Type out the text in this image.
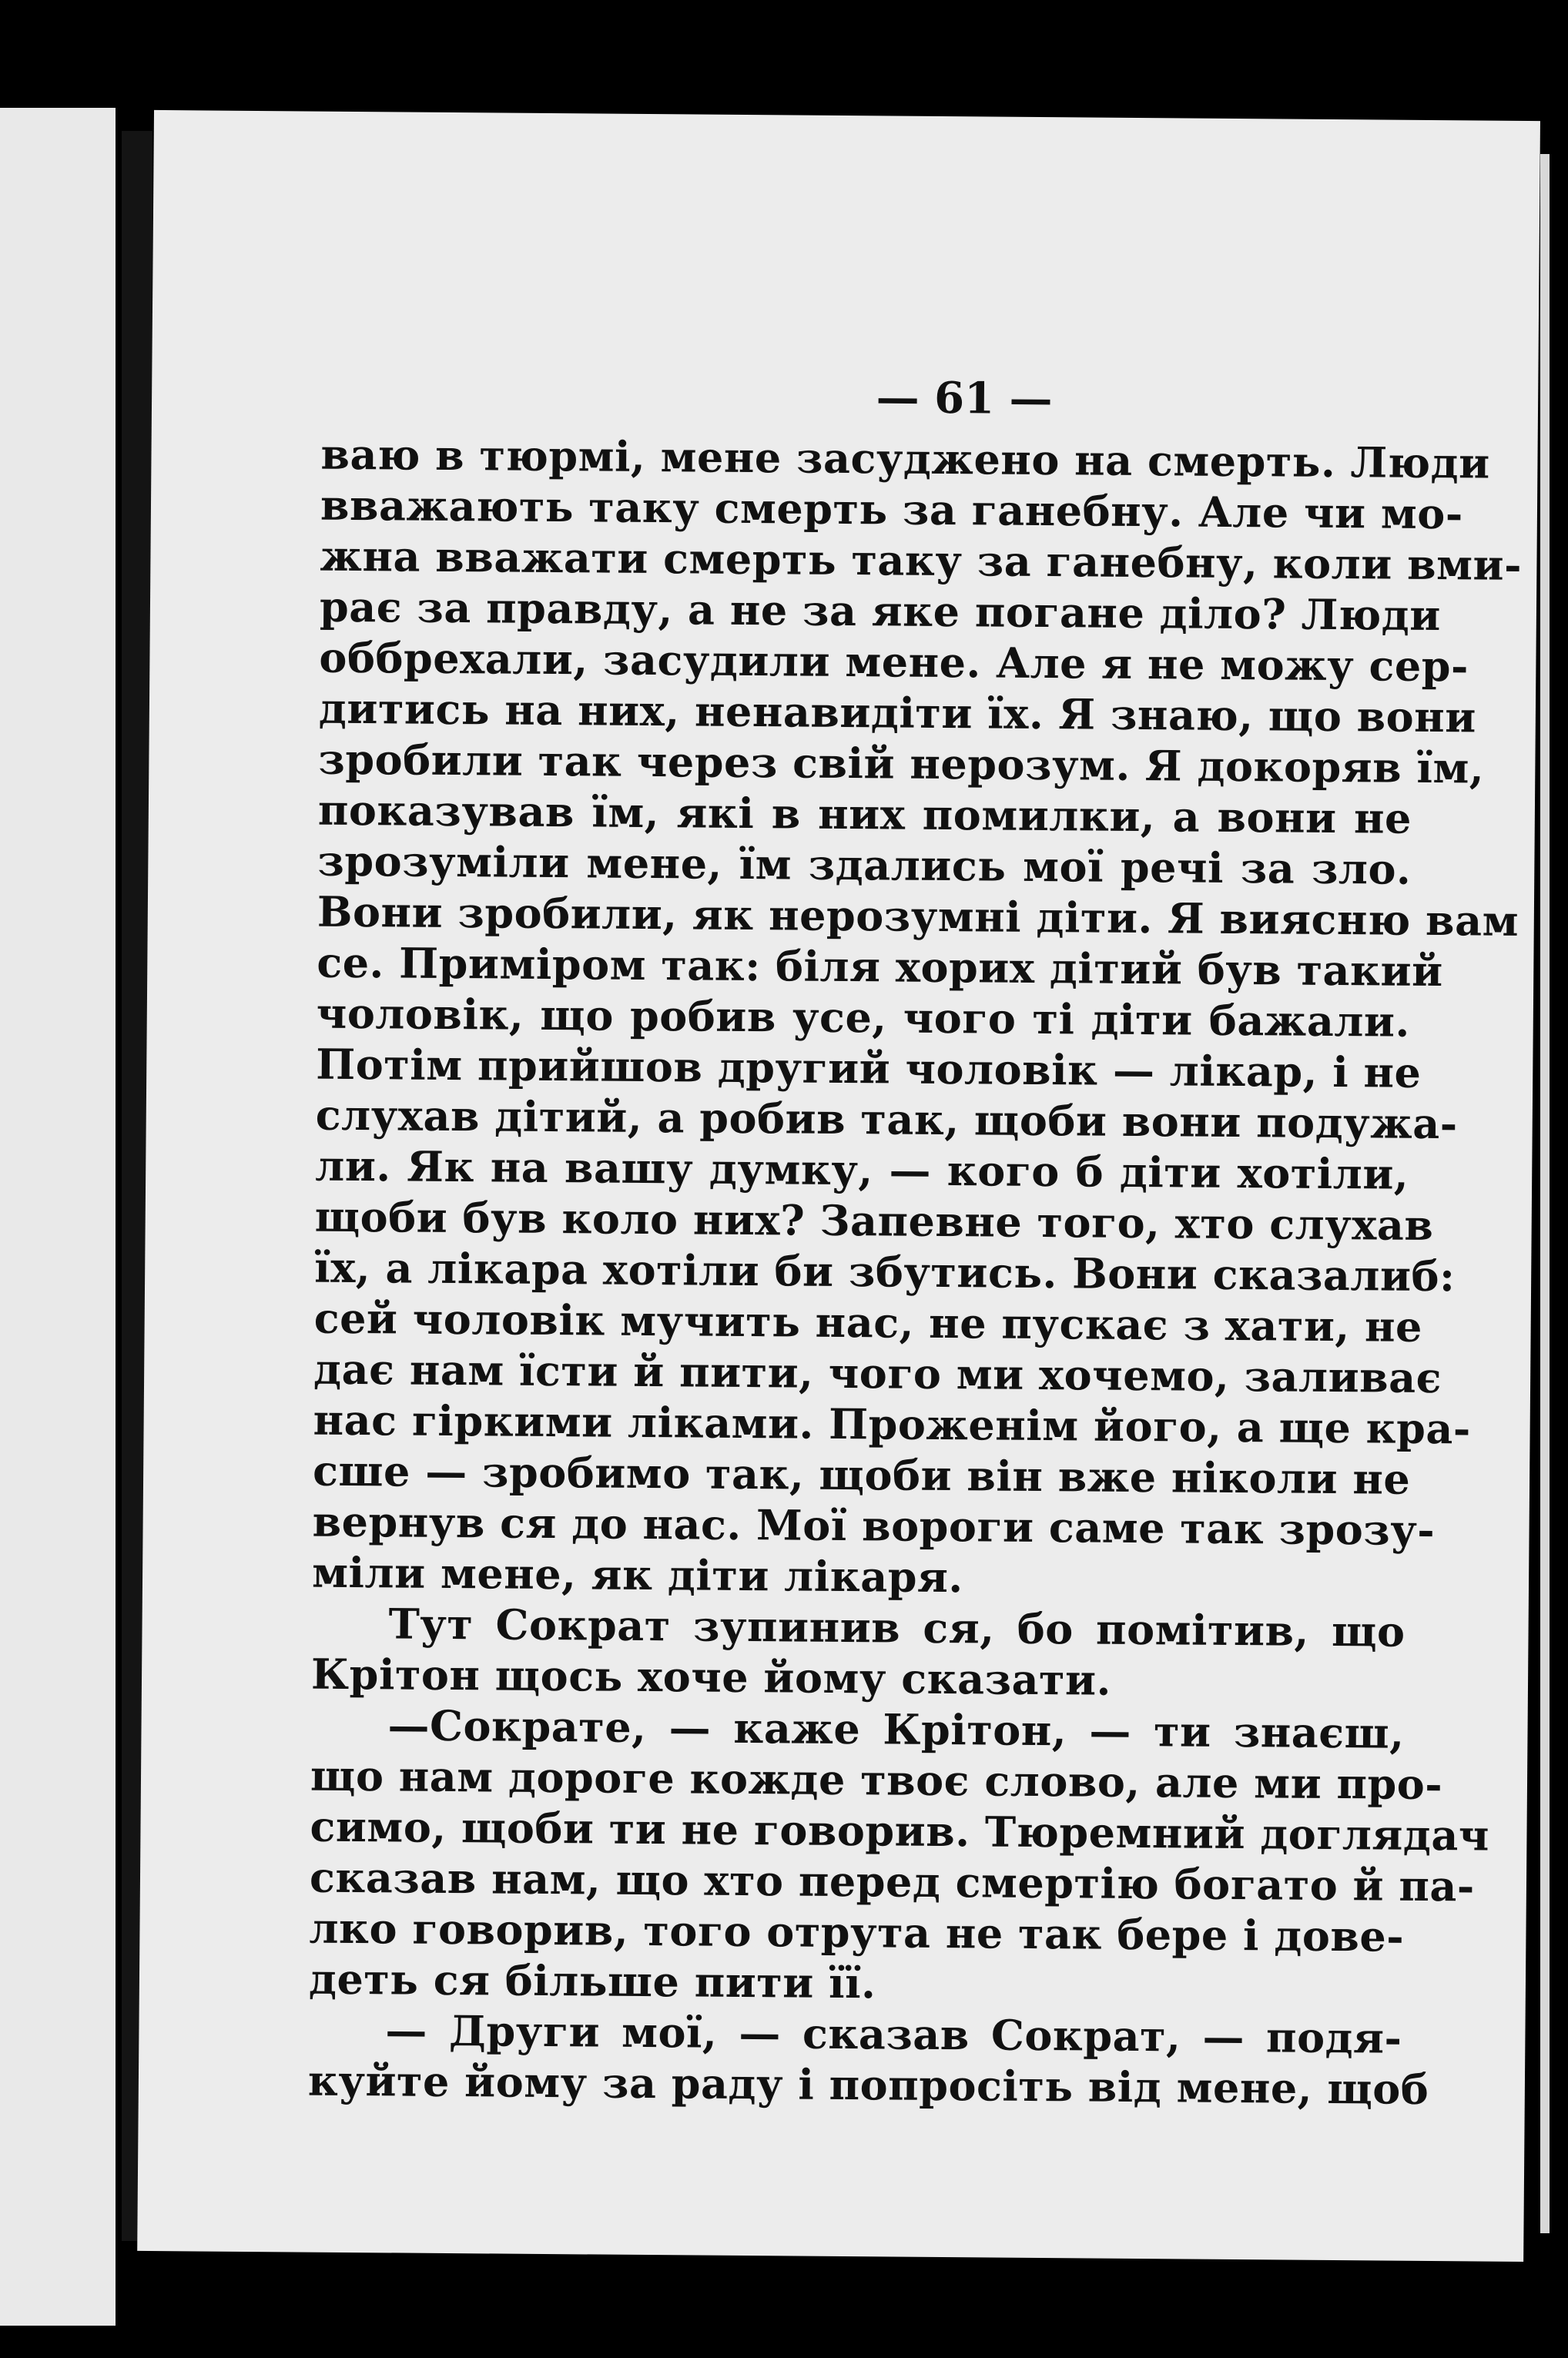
— 61 —
ваю в тюрмі, мене засуджено на смерть. Люди
вважають таку смерть за ганебну. Але чи мо-
жна вважати смерть таку за ганебну, коли вми-
рає за правду, а не за яке погане діло? Люди
оббрехали, засудили мене. Але я не можу сер-
дитись на них, ненавидіти їх. Я знаю, що вони
зробили так через свій нерозум. Я докоряв їм,
показував їм, які в них помилки, а вони не
зрозуміли мене, їм здались мої речі за зло.
Вони зробили, як нерозумні діти. Я виясню вам
се. Приміром так: біля хорих дітий був такий
чоловік, що робив усе, чого ті діти бажали.
Потім прийшов другий чоловік — лікар, і не
слухав дітий, а робив так, щоби вони подужа-
ли. Як на вашу думку, — кого б діти хотіли,
щоби був коло них? Запевне того, хто слухав
їх, а лікара хотіли би збутись. Вони сказалиб:
сей чоловік мучить нас, не пускає з хати, не
дає нам їсти й пити, чого ми хочемо, заливає
нас гіркими ліками. Проженім його, а ще кра-
сше — зробимо так, щоби він вже ніколи не
вернув ся до нас. Мої вороги саме так зрозу-
міли мене, як діти лікаря.
Тут Сократ зупинив ся, бо помітив, що
Крітон щось хоче йому сказати.
—Сократе, — каже Крітон, — ти знаєш,
що нам дороге кожде твоє слово, але ми про-
симо, щоби ти не говорив. Тюремний доглядач
сказав нам, що хто перед смертію богато й па-
лко говорив, того отрута не так бере і дове-
деть ся більше пити її.
— Други мої, — сказав Сократ, — подя-
куйте йому за раду і попросіть від мене, щоб
